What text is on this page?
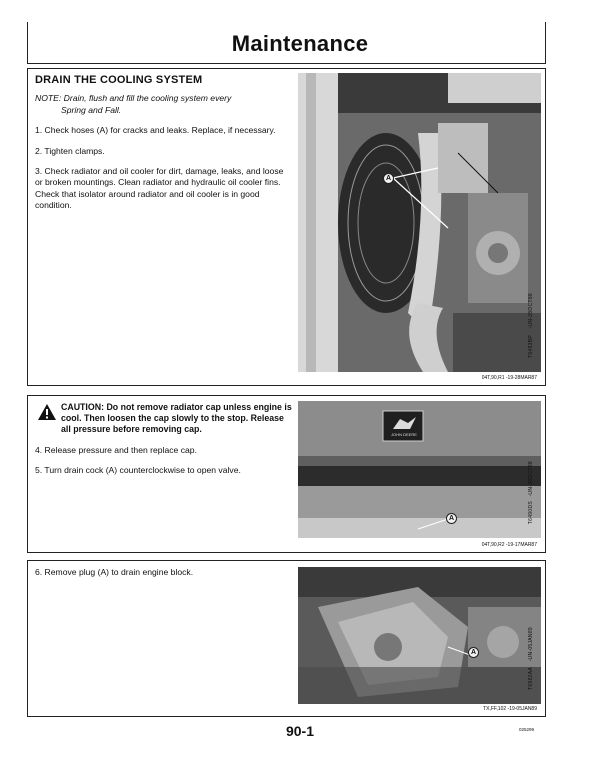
Maintenance
DRAIN THE COOLING SYSTEM
NOTE: Drain, flush and fill the cooling system every
Spring and Fall.
1. Check hoses (A) for cracks and leaks. Replace, if necessary.
2. Tighten clamps.
3. Check radiator and oil cooler for dirt, damage, leaks, and loose or broken mountings. Clean radiator and hydraulic oil cooler fins. Check that isolator around radiator and oil cooler is in good condition.
A
-UN-28OCT88
T6493BP
04T,90,R1 -19-28MAR87
CAUTION: Do not remove radiator cap unless engine is cool. Then loosen the cap slowly to the stop. Release all pressure before removing cap.
4. Release pressure and then replace cap.
5. Turn drain cock (A) counterclockwise to open valve.
A
JOHN DEERE
-UN-28OCT88
T6490DS
04T,90,R2 -19-17MAR87
6. Remove plug (A) to drain engine block.
A	-UN-05JAN89
T6982AA
TX,FF,102 -19-05JAN89
90-1	025299
